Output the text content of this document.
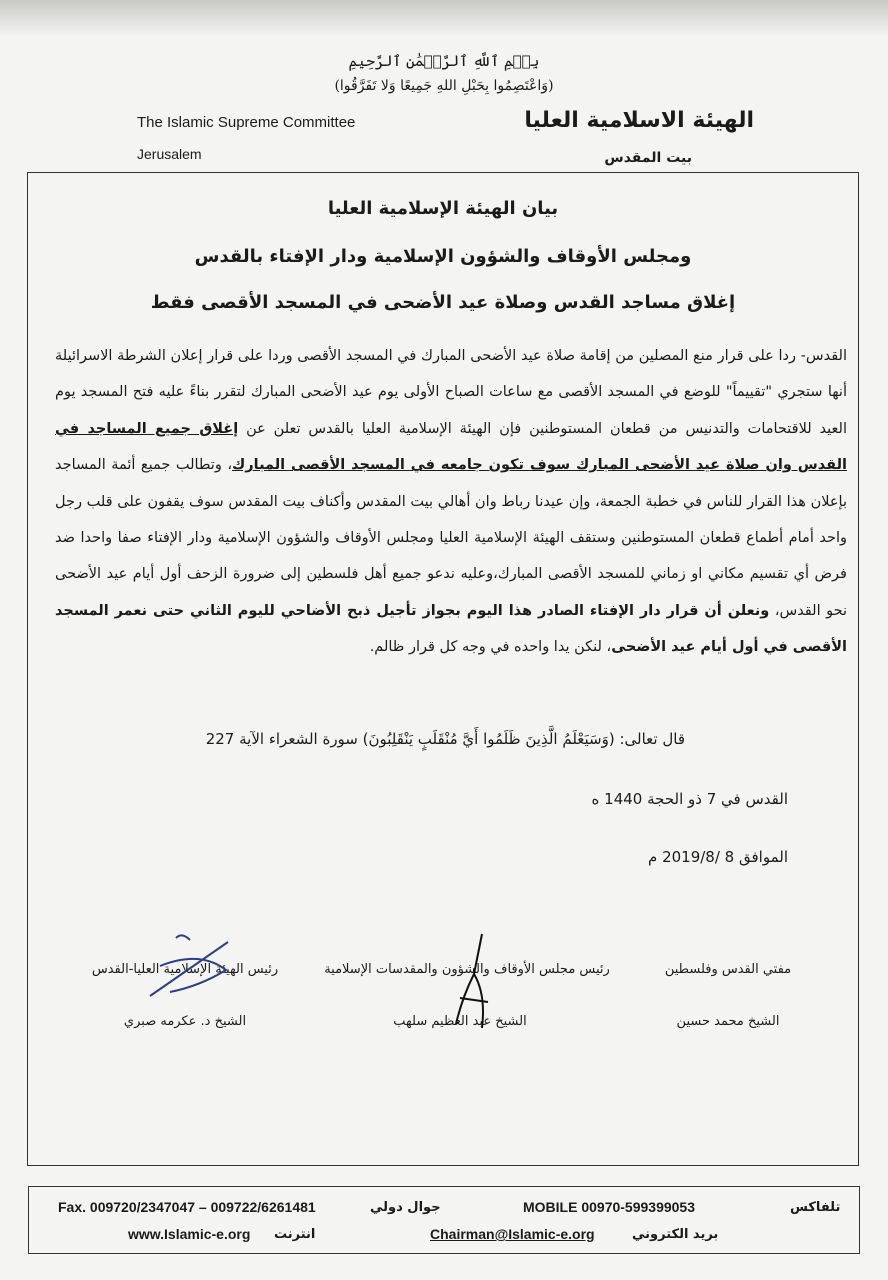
بِسۡمِ ٱللَّهِ ٱلرَّحۡمَٰنِ ٱلرَّحِيمِ
(وَاعْتَصِمُوا بِحَبْلِ اللهِ جَمِيعًا وَلا تَفَرَّقُوا)
The Islamic Supreme Committee
Jerusalem
الهيئة الاسلامية العليا
بيت المقدس
بيان الهيئة الإسلامية العليا
ومجلس الأوقاف والشؤون الإسلامية ودار الإفتاء بالقدس
إغلاق مساجد القدس وصلاة عيد الأضحى في المسجد الأقصى فقط
القدس- ردا على قرار منع المصلين من إقامة صلاة عيد الأضحى المبارك في المسجد الأقصى وردا على قرار إعلان الشرطة الاسرائيلة أنها ستجري "تقييماً" للوضع في المسجد الأقصى مع ساعات الصباح الأولى يوم عيد الأضحى المبارك لتقرر بناءً عليه فتح المسجد يوم العيد للاقتحامات والتدنيس من قطعان المستوطنين فإن الهيئة الإسلامية العليا بالقدس تعلن عن إغلاق جميع المساجد في القدس وان صلاة عيد الأضحى المبارك سوف تكون جامعه في المسجد الأقصى المبارك، وتطالب جميع أئمة المساجد بإعلان هذا القرار للناس في خطبة الجمعة، وإن عيدنا رباط وان أهالي بيت المقدس وأكناف بيت المقدس سوف يقفون على قلب رجل واحد أمام أطماع قطعان المستوطنين وستقف الهيئة الإسلامية العليا ومجلس الأوقاف والشؤون الإسلامية ودار الإفتاء صفا واحدا ضد فرض أي تقسيم مكاني او زماني للمسجد الأقصى المبارك،وعليه ندعو جميع أهل فلسطين إلى ضرورة الزحف أول أيام عيد الأضحى نحو القدس، ونعلن أن قرار دار الإفتاء الصادر هذا اليوم بجواز تأجيل ذبح الأضاحي لليوم الثاني حتى نعمر المسجد الأقصى في أول أيام عيد الأضحى، لنكن يدا واحده في وجه كل قرار ظالم.
قال تعالى: (وَسَيَعْلَمُ الَّذِينَ ظَلَمُوا أَيَّ مُنْقَلَبٍ يَنْقَلِبُونَ) سورة الشعراء الآية 227
القدس في 7 ذو الحجة 1440 ه
الموافق 8 /2019/8 م
رئيس الهيئة الإسلامية العليا-القدس
الشيخ د. عكرمه صبري
رئيس مجلس الأوقاف والشؤون والمقدسات الإسلامية
الشيخ عبد العظيم سلهب
مفتي القدس وفلسطين
الشيخ محمد حسين
Fax. 009720/2347047 – 009722/6261481	جوال دولي	MOBILE 00970-599399053	تلفاكس
www.Islamic-e.org انترنت	Chairman@Islamic-e.org	بريد الكتروني
